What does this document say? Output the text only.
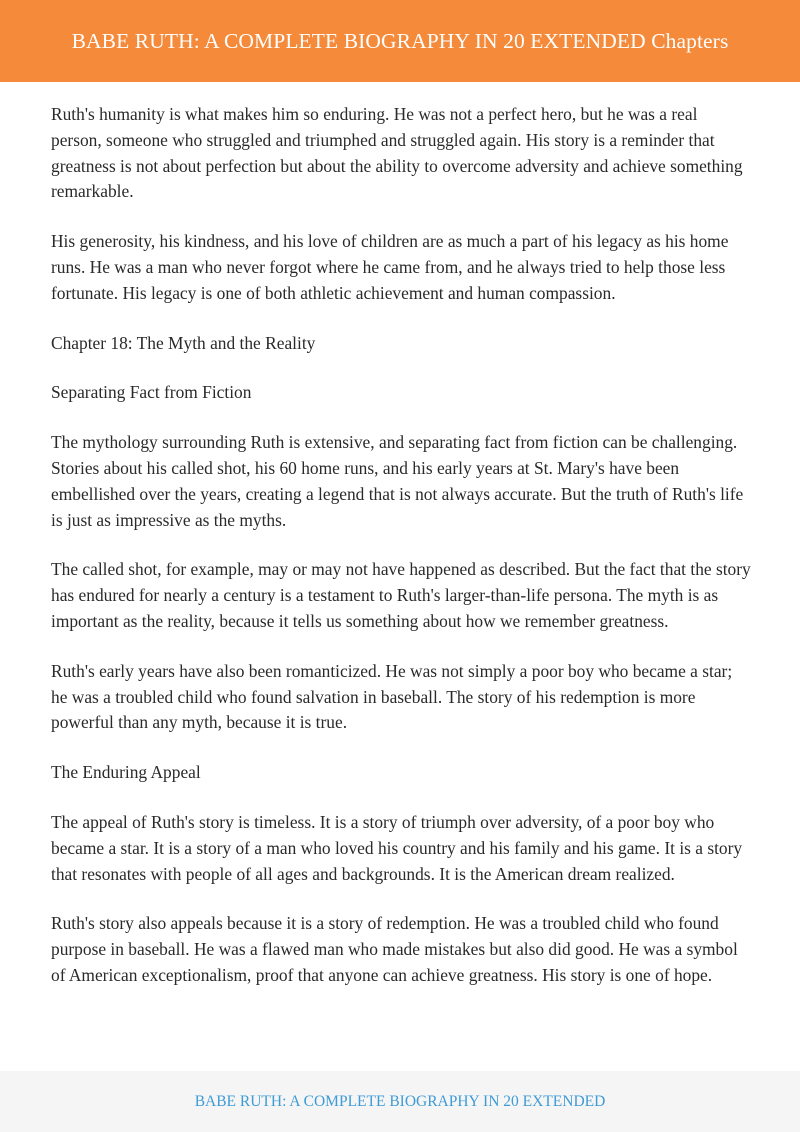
BABE RUTH: A COMPLETE BIOGRAPHY IN 20 EXTENDED Chapters

Ruth's humanity is what makes him so enduring. He was not a perfect hero, but he was a real person, someone who struggled and triumphed and struggled again. His story is a reminder that greatness is not about perfection but about the ability to overcome adversity and achieve something remarkable.

His generosity, his kindness, and his love of children are as much a part of his legacy as his home runs. He was a man who never forgot where he came from, and he always tried to help those less fortunate. His legacy is one of both athletic achievement and human compassion.

Chapter 18: The Myth and the Reality

Separating Fact from Fiction

The mythology surrounding Ruth is extensive, and separating fact from fiction can be challenging. Stories about his called shot, his 60 home runs, and his early years at St. Mary's have been embellished over the years, creating a legend that is not always accurate. But the truth of Ruth's life is just as impressive as the myths.

The called shot, for example, may or may not have happened as described. But the fact that the story has endured for nearly a century is a testament to Ruth's larger-than-life persona. The myth is as important as the reality, because it tells us something about how we remember greatness.

Ruth's early years have also been romanticized. He was not simply a poor boy who became a star; he was a troubled child who found salvation in baseball. The story of his redemption is more powerful than any myth, because it is true.

The Enduring Appeal

The appeal of Ruth's story is timeless. It is a story of triumph over adversity, of a poor boy who became a star. It is a story of a man who loved his country and his family and his game. It is a story that resonates with people of all ages and backgrounds. It is the American dream realized.

Ruth's story also appeals because it is a story of redemption. He was a troubled child who found purpose in baseball. He was a flawed man who made mistakes but also did good. He was a symbol of American exceptionalism, proof that anyone can achieve greatness. His story is one of hope.

BABE RUTH: A COMPLETE BIOGRAPHY IN 20 EXTENDED
